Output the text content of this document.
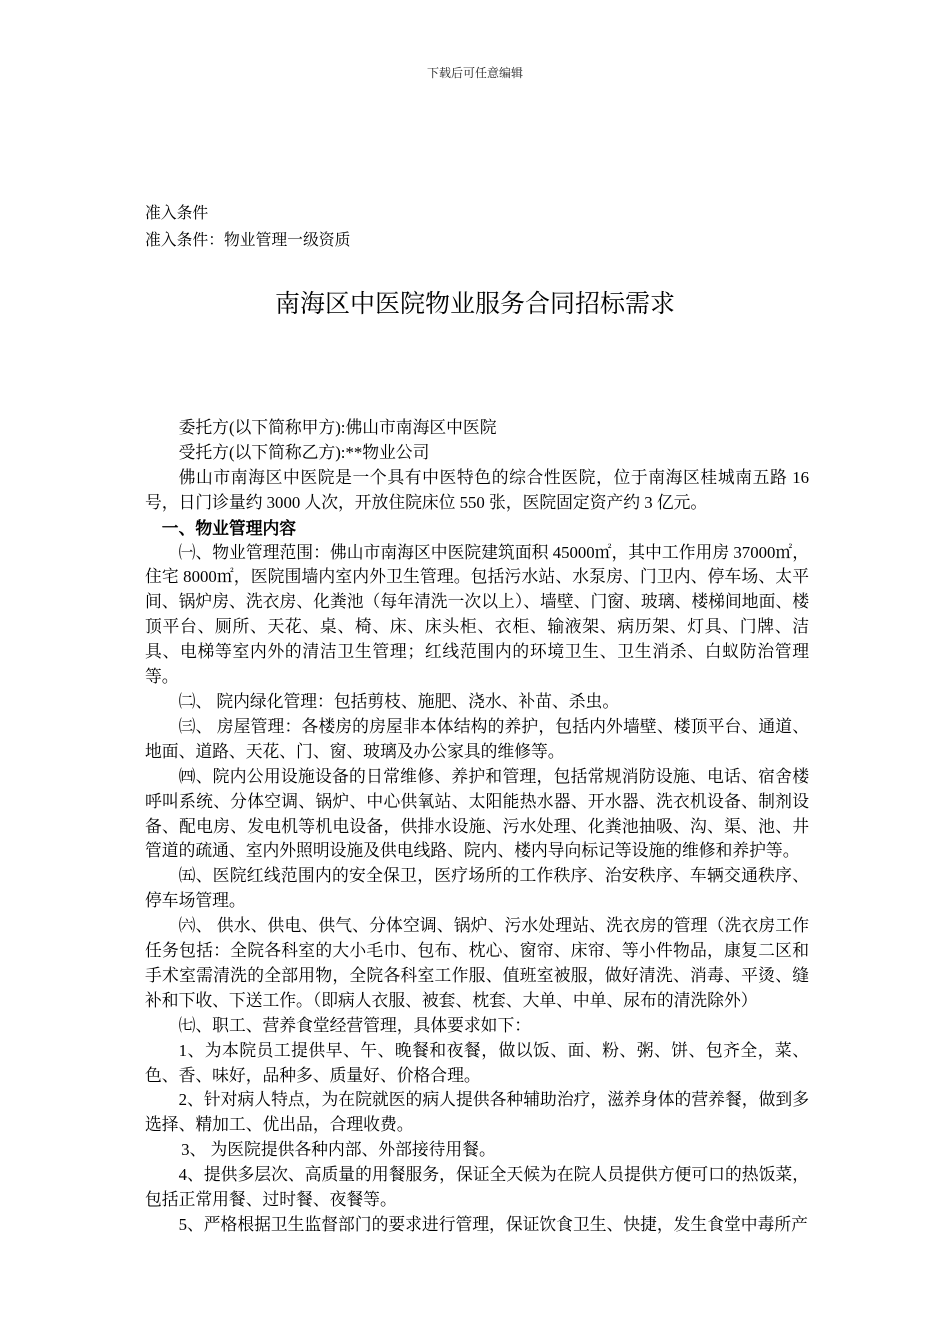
下载后可任意编辑
准入条件
准入条件：物业管理一级资质
南海区中医院物业服务合同招标需求

委托方(以下简称甲方):佛山市南海区中医院

受托方(以下简称乙方):**物业公司

佛山市南海区中医院是一个具有中医特色的综合性医院，位于南海区桂城南五路 16 号，日门诊量约 3000 人次，开放住院床位 550 张，医院固定资产约 3 亿元。

一、物业管理内容

㈠、物业管理范围：佛山市南海区中医院建筑面积 45000㎡，其中工作用房 37000㎡，住宅 8000㎡，医院围墙内室内外卫生管理。包括污水站、水泵房、门卫内、停车场、太平间、锅炉房、洗衣房、化粪池（每年清洗一次以上）、墙壁、门窗、玻璃、楼梯间地面、楼顶平台、厕所、天花、桌、椅、床、床头柜、衣柜、输液架、病历架、灯具、门牌、洁具、电梯等室内外的清洁卫生管理；红线范围内的环境卫生、卫生消杀、白蚁防治管理等。

㈡、 院内绿化管理：包括剪枝、施肥、浇水、补苗、杀虫。

㈢、 房屋管理：各楼房的房屋非本体结构的养护，包括内外墙壁、楼顶平台、通道、地面、道路、天花、门、窗、玻璃及办公家具的维修等。

㈣、院内公用设施设备的日常维修、养护和管理，包括常规消防设施、电话、宿舍楼呼叫系统、分体空调、锅炉、中心供氧站、太阳能热水器、开水器、洗衣机设备、制剂设备、配电房、发电机等机电设备，供排水设施、污水处理、化粪池抽吸、沟、渠、池、井管道的疏通、室内外照明设施及供电线路、院内、楼内导向标记等设施的维修和养护等。

㈤、医院红线范围内的安全保卫，医疗场所的工作秩序、治安秩序、车辆交通秩序、停车场管理。

㈥、 供水、供电、供气、分体空调、锅炉、污水处理站、洗衣房的管理（洗衣房工作任务包括：全院各科室的大小毛巾、包布、枕心、窗帘、床帘、等小件物品，康复二区和手术室需清洗的全部用物，全院各科室工作服、值班室被服，做好清洗、消毒、平烫、缝补和下收、下送工作。（即病人衣服、被套、枕套、大单、中单、尿布的清洗除外）

㈦、职工、营养食堂经营管理，具体要求如下：

1、为本院员工提供早、午、晚餐和夜餐，做以饭、面、粉、粥、饼、包齐全，菜、色、香、味好，品种多、质量好、价格合理。

2、针对病人特点，为在院就医的病人提供各种辅助治疗，滋养身体的营养餐，做到多选择、精加工、优出品，合理收费。

3、 为医院提供各种内部、外部接待用餐。

4、提供多层次、高质量的用餐服务，保证全天候为在院人员提供方便可口的热饭菜，包括正常用餐、过时餐、夜餐等。

5、严格根据卫生监督部门的要求进行管理，保证饮食卫生、快捷，发生食堂中毒所产
